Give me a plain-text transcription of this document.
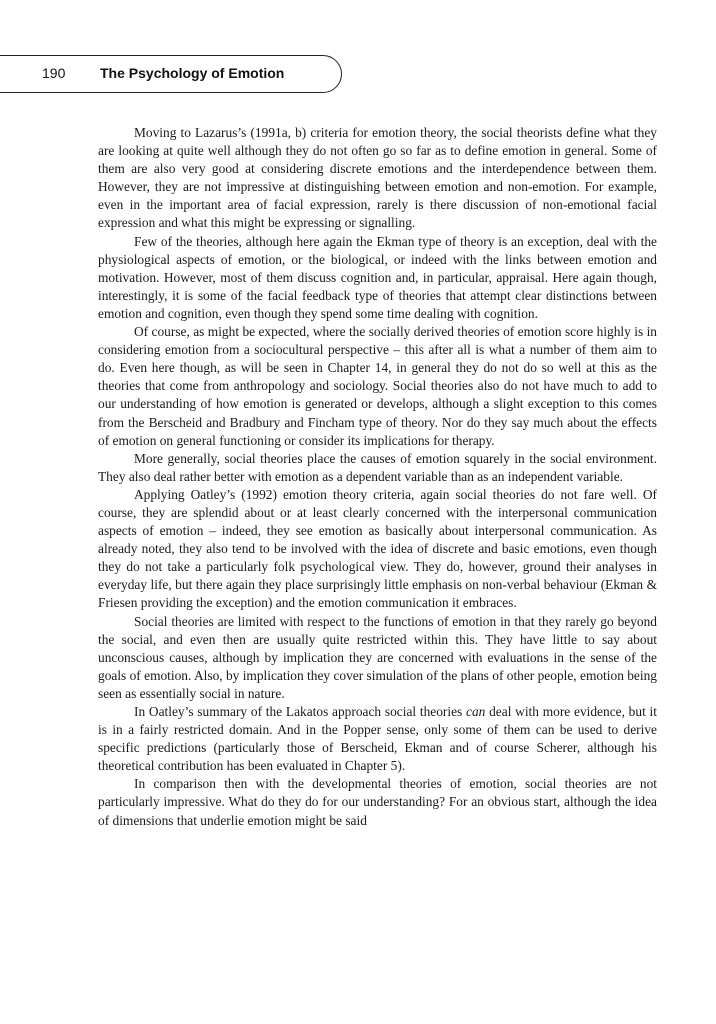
190 The Psychology of Emotion

Moving to Lazarus’s (1991a, b) criteria for emotion theory, the social theorists define what they are looking at quite well although they do not often go so far as to define emotion in general. Some of them are also very good at considering discrete emotions and the interdependence between them. However, they are not impressive at distinguishing between emotion and non-emotion. For example, even in the important area of facial expression, rarely is there discussion of non-emotional facial expression and what this might be expressing or signalling.

Few of the theories, although here again the Ekman type of theory is an exception, deal with the physiological aspects of emotion, or the biological, or indeed with the links between emotion and motivation. However, most of them discuss cognition and, in particular, appraisal. Here again though, interestingly, it is some of the facial feedback type of theories that attempt clear distinctions between emotion and cognition, even though they spend some time dealing with cognition.

Of course, as might be expected, where the socially derived theories of emotion score highly is in considering emotion from a sociocultural perspective – this after all is what a number of them aim to do. Even here though, as will be seen in Chapter 14, in general they do not do so well at this as the theories that come from anthropology and sociology. Social theories also do not have much to add to our understanding of how emotion is generated or develops, although a slight exception to this comes from the Berscheid and Bradbury and Fincham type of theory. Nor do they say much about the effects of emotion on general functioning or consider its implications for therapy.

More generally, social theories place the causes of emotion squarely in the social environment. They also deal rather better with emotion as a dependent variable than as an independent variable.

Applying Oatley’s (1992) emotion theory criteria, again social theories do not fare well. Of course, they are splendid about or at least clearly concerned with the interpersonal communication aspects of emotion – indeed, they see emotion as basically about interpersonal communication. As already noted, they also tend to be involved with the idea of discrete and basic emotions, even though they do not take a particularly folk psychological view. They do, however, ground their analyses in everyday life, but there again they place surprisingly little emphasis on non-verbal behaviour (Ekman & Friesen providing the exception) and the emotion communication it embraces.

Social theories are limited with respect to the functions of emotion in that they rarely go beyond the social, and even then are usually quite restricted within this. They have little to say about unconscious causes, although by implication they are concerned with evaluations in the sense of the goals of emotion. Also, by implication they cover simulation of the plans of other people, emotion being seen as essentially social in nature.

In Oatley’s summary of the Lakatos approach social theories can deal with more evidence, but it is in a fairly restricted domain. And in the Popper sense, only some of them can be used to derive specific predictions (particularly those of Berscheid, Ekman and of course Scherer, although his theoretical contribution has been evaluated in Chapter 5).

In comparison then with the developmental theories of emotion, social theories are not particularly impressive. What do they do for our understanding? For an obvious start, although the idea of dimensions that underlie emotion might be said
